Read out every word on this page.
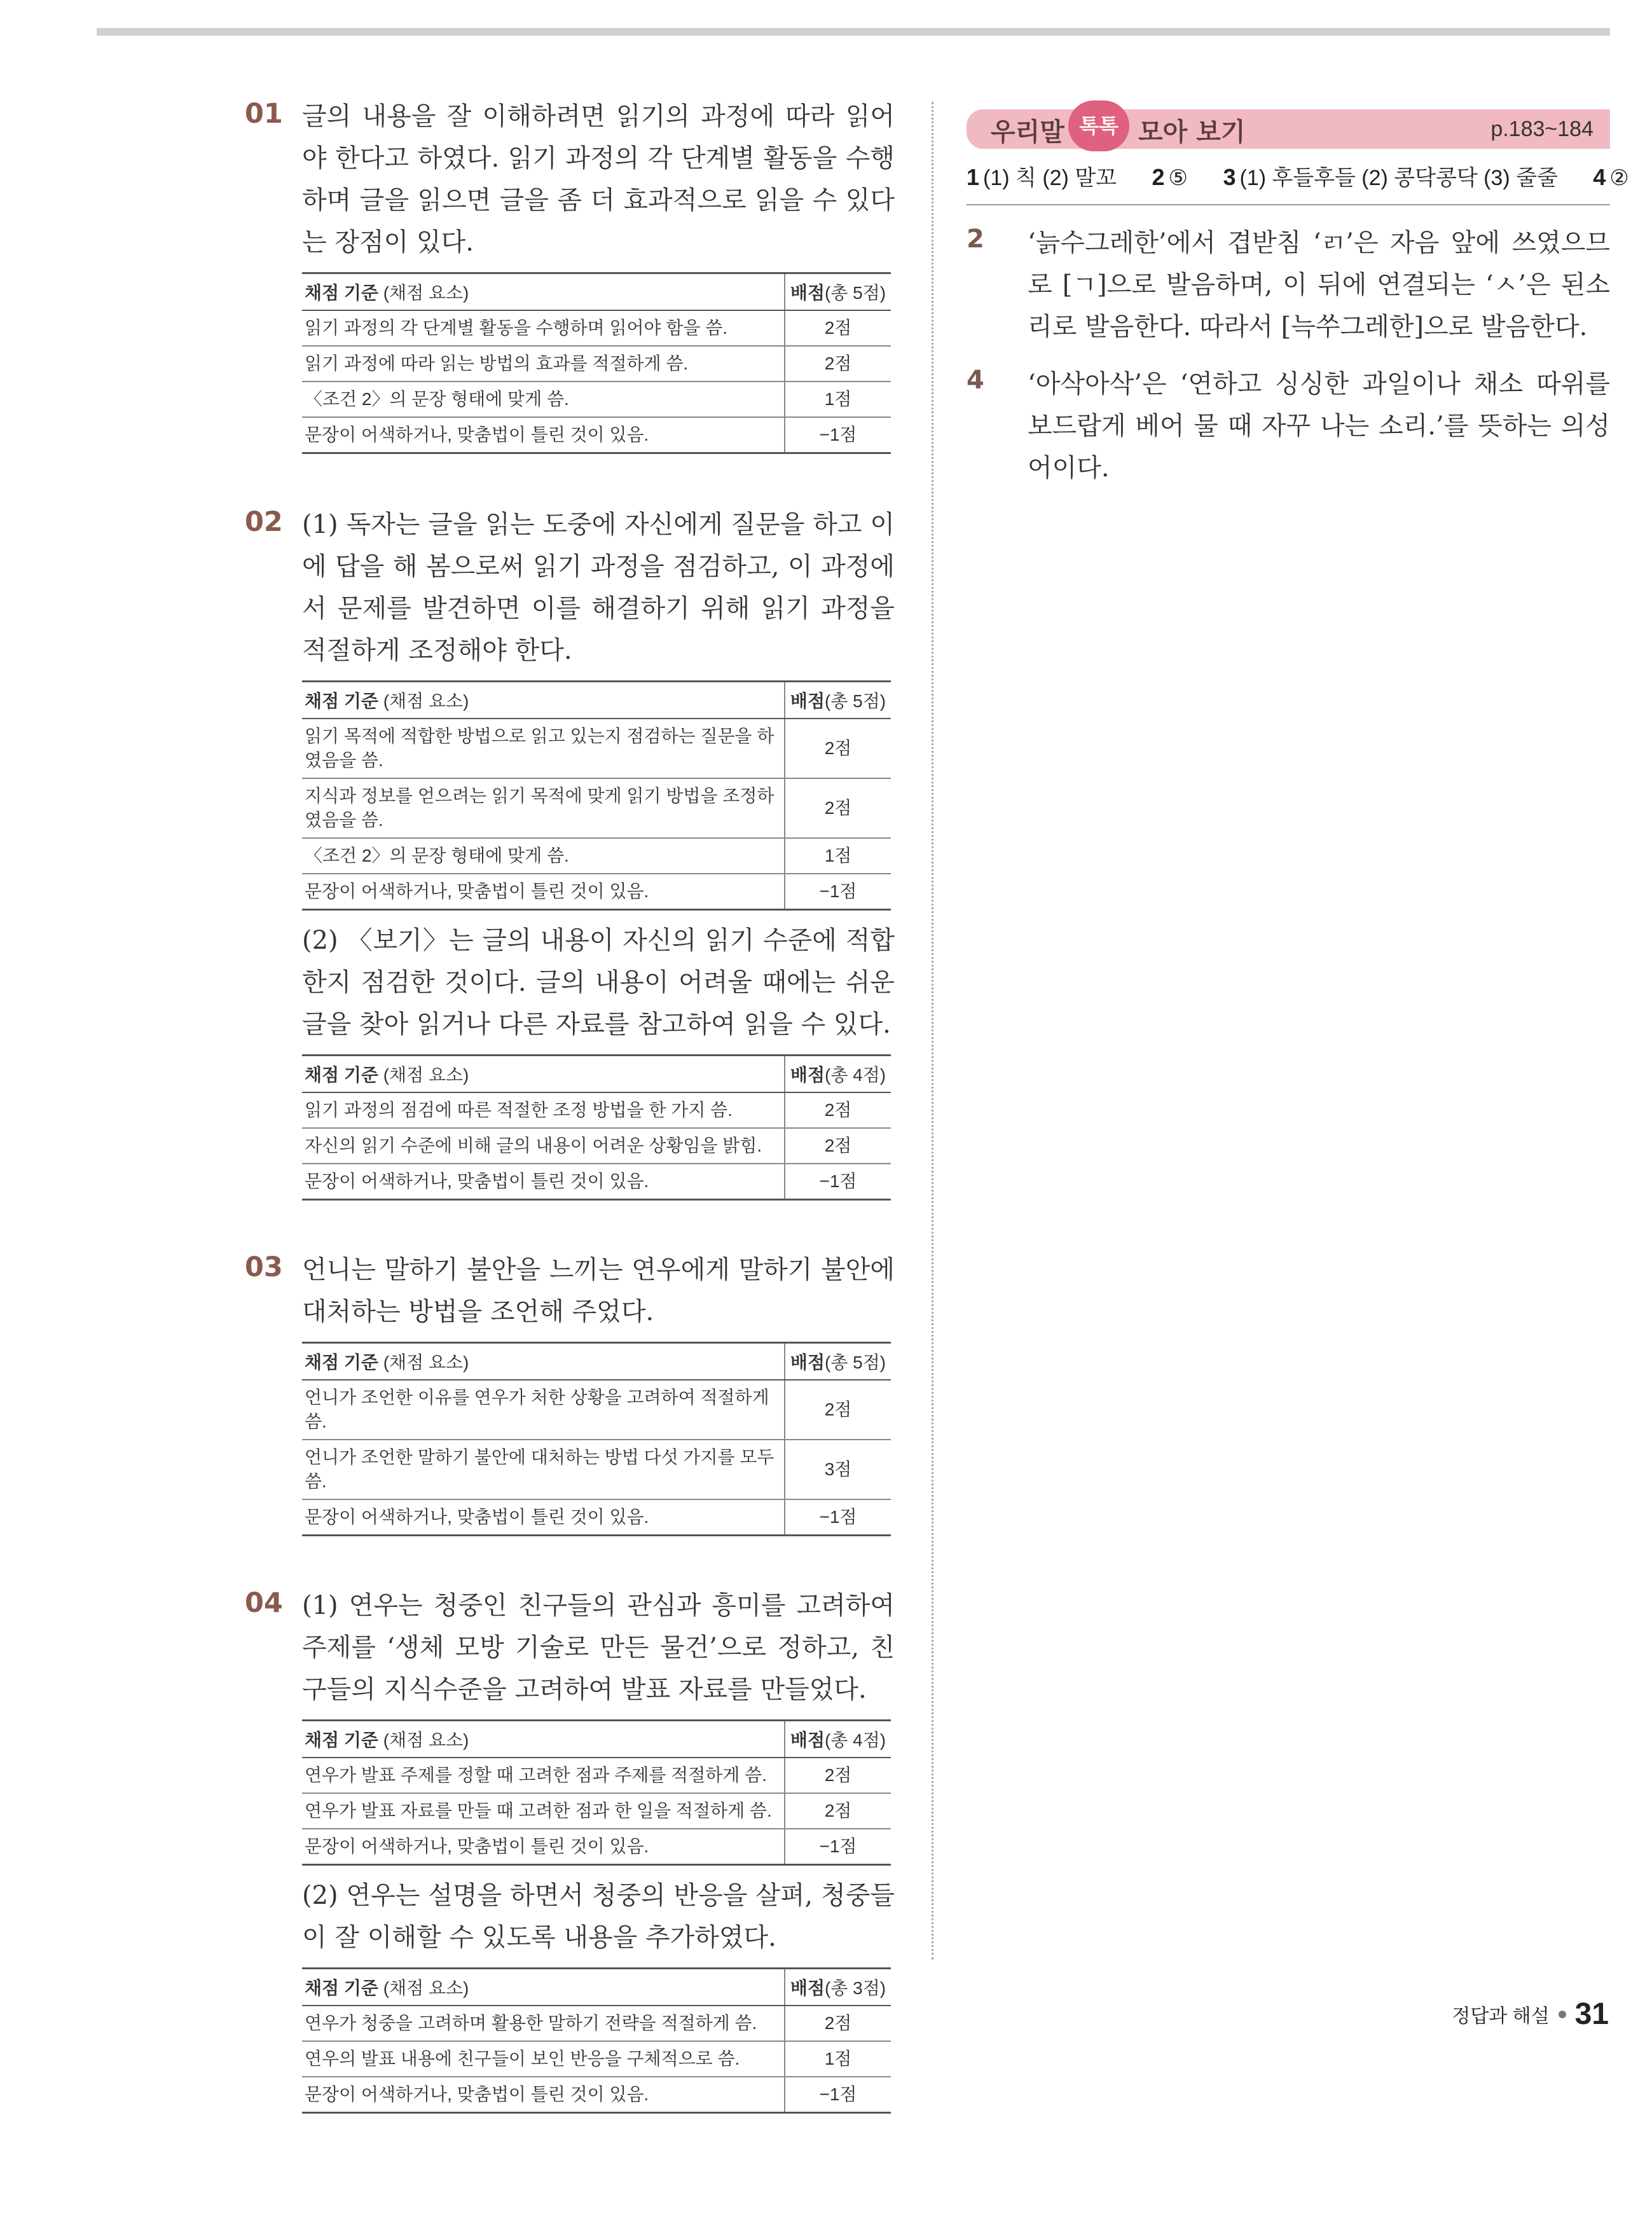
01 글의 내용을 잘 이해하려면 읽기의 과정에 따라 읽어야 한다고 하였다. 읽기 과정의 각 단계별 활동을 수행하며 글을 읽으면 글을 좀 더 효과적으로 읽을 수 있다는 장점이 있다.

채점 기준 (채점 요소)	배점(총 5점)
읽기 과정의 각 단계별 활동을 수행하며 읽어야 함을 씀.	2점
읽기 과정에 따라 읽는 방법의 효과를 적절하게 씀.	2점
〈조건 2〉의 문장 형태에 맞게 씀.	1점
문장이 어색하거나, 맞춤법이 틀린 것이 있음.	−1점
02 (1) 독자는 글을 읽는 도중에 자신에게 질문을 하고 이에 답을 해 봄으로써 읽기 과정을 점검하고, 이 과정에서 문제를 발견하면 이를 해결하기 위해 읽기 과정을 적절하게 조정해야 한다.

채점 기준 (채점 요소)	배점(총 5점)
읽기 목적에 적합한 방법으로 읽고 있는지 점검하는 질문을 하였음을 씀.	2점
지식과 정보를 얻으려는 읽기 목적에 맞게 읽기 방법을 조정하였음을 씀.	2점
〈조건 2〉의 문장 형태에 맞게 씀.	1점
문장이 어색하거나, 맞춤법이 틀린 것이 있음.	−1점

(2) 〈보기〉는 글의 내용이 자신의 읽기 수준에 적합한지 점검한 것이다. 글의 내용이 어려울 때에는 쉬운 글을 찾아 읽거나 다른 자료를 참고하여 읽을 수 있다.

채점 기준 (채점 요소)	배점(총 4점)
읽기 과정의 점검에 따른 적절한 조정 방법을 한 가지 씀.	2점
자신의 읽기 수준에 비해 글의 내용이 어려운 상황임을 밝힘.	2점
문장이 어색하거나, 맞춤법이 틀린 것이 있음.	−1점
03 언니는 말하기 불안을 느끼는 연우에게 말하기 불안에 대처하는 방법을 조언해 주었다.

채점 기준 (채점 요소)	배점(총 5점)
언니가 조언한 이유를 연우가 처한 상황을 고려하여 적절하게 씀.	2점
언니가 조언한 말하기 불안에 대처하는 방법 다섯 가지를 모두 씀.	3점
문장이 어색하거나, 맞춤법이 틀린 것이 있음.	−1점
04 (1) 연우는 청중인 친구들의 관심과 흥미를 고려하여 주제를 ‘생체 모방 기술로 만든 물건’으로 정하고, 친구들의 지식수준을 고려하여 발표 자료를 만들었다.

채점 기준 (채점 요소)	배점(총 4점)
연우가 발표 주제를 정할 때 고려한 점과 주제를 적절하게 씀.	2점
연우가 발표 자료를 만들 때 고려한 점과 한 일을 적절하게 씀.	2점
문장이 어색하거나, 맞춤법이 틀린 것이 있음.	−1점

(2) 연우는 설명을 하면서 청중의 반응을 살펴, 청중들이 잘 이해할 수 있도록 내용을 추가하였다.

채점 기준 (채점 요소)	배점(총 3점)
연우가 청중을 고려하며 활용한 말하기 전략을 적절하게 씀.	2점
연우의 발표 내용에 친구들이 보인 반응을 구체적으로 씀.	1점
문장이 어색하거나, 맞춤법이 틀린 것이 있음.	−1점
우리말 톡톡 모아 보기	p.183~184
1 (1) 칙 (2) 말꼬 2 ⑤ 3 (1) 후들후들 (2) 콩닥콩닥 (3) 줄줄 4 ②
2 ‘늙수그레한’에서 겹받침 ‘ㄺ’은 자음 앞에 쓰였으므로 [ㄱ]으로 발음하며, 이 뒤에 연결되는 ‘ㅅ’은 된소리로 발음한다. 따라서 [늑쑤그레한]으로 발음한다.

4 ‘아삭아삭’은 ‘연하고 싱싱한 과일이나 채소 따위를 보드랍게 베어 물 때 자꾸 나는 소리.’를 뜻하는 의성어이다.

정답과 해설 31
